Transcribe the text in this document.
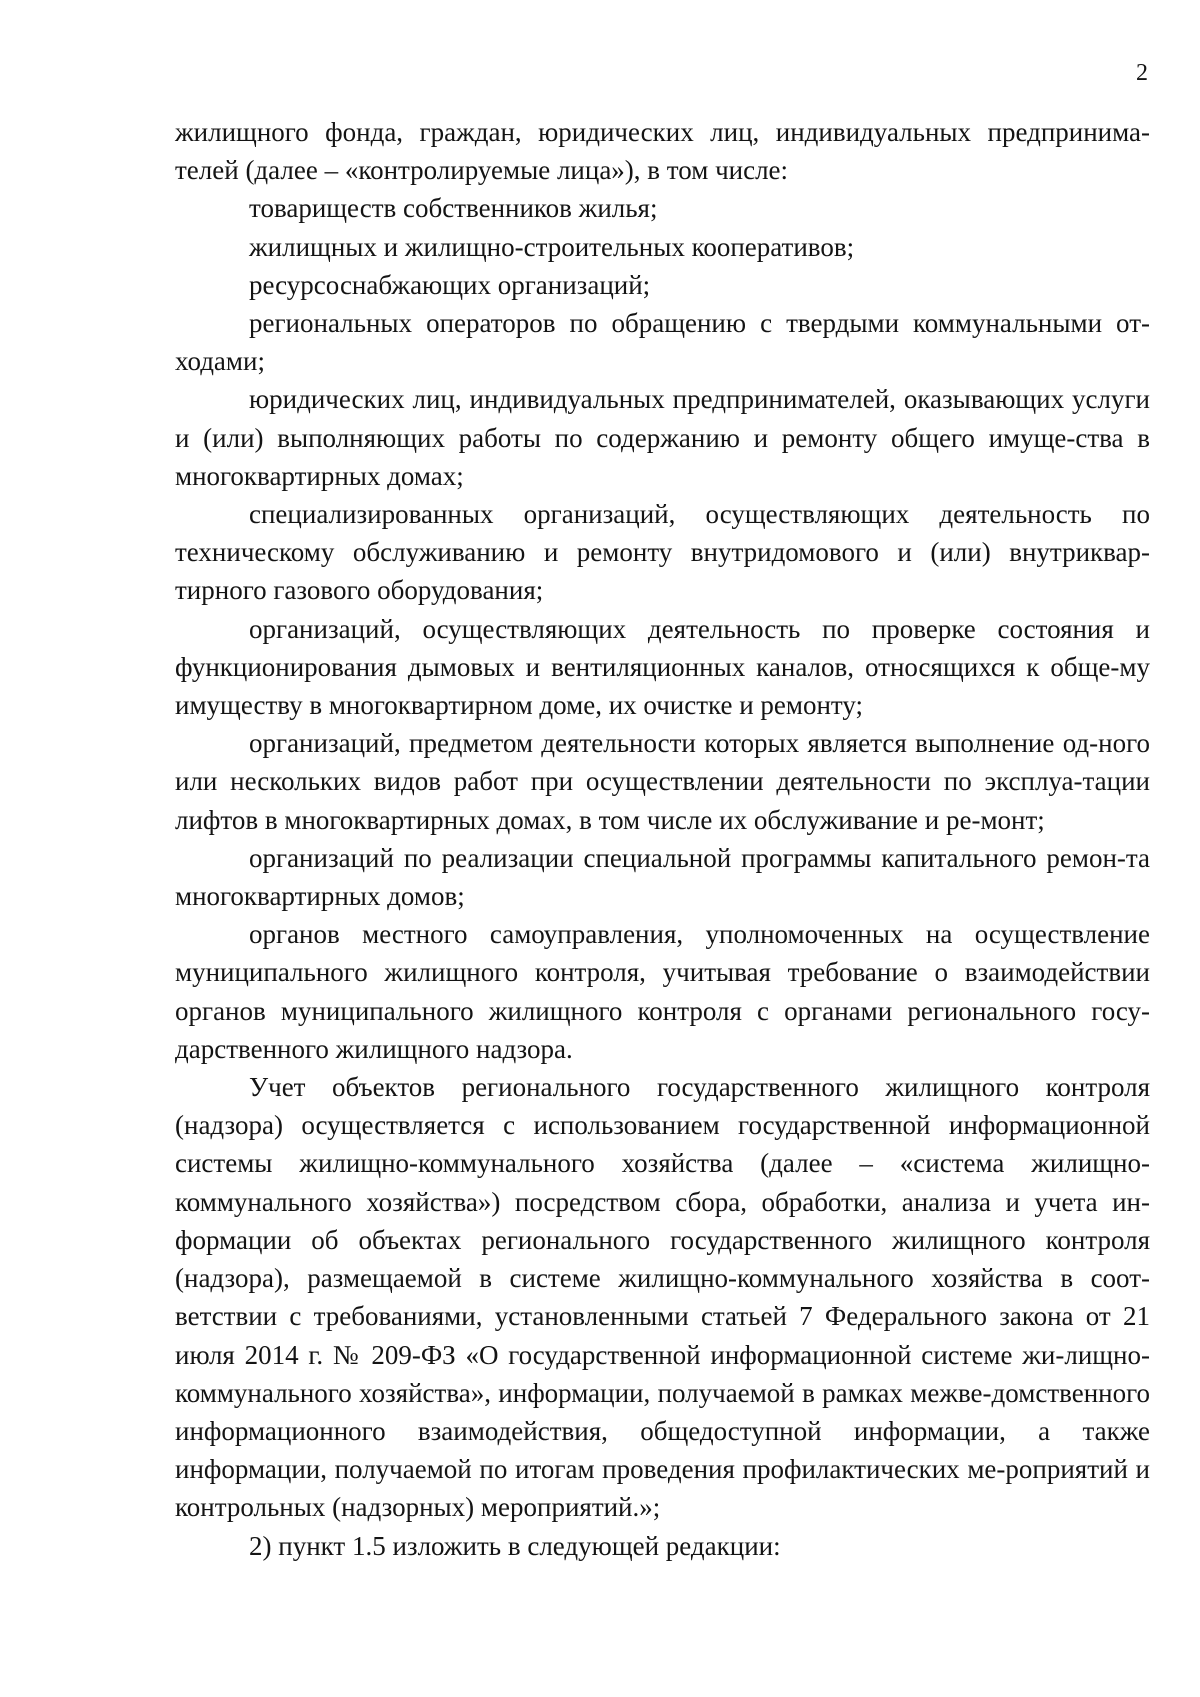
2

жилищного фонда, граждан, юридических лиц, индивидуальных предпринима-телей (далее – «контролируемые лица»), в том числе:

товариществ собственников жилья;

жилищных и жилищно-строительных кооперативов;

ресурсоснабжающих организаций;

региональных операторов по обращению с твердыми коммунальными от-ходами;

юридических лиц, индивидуальных предпринимателей, оказывающих услуги и (или) выполняющих работы по содержанию и ремонту общего имуще-ства в многоквартирных домах;

специализированных организаций, осуществляющих деятельность по техническому обслуживанию и ремонту внутридомового и (или) внутриквар-тирного газового оборудования;

организаций, осуществляющих деятельность по проверке состояния и функционирования дымовых и вентиляционных каналов, относящихся к обще-му имуществу в многоквартирном доме, их очистке и ремонту;

организаций, предметом деятельности которых является выполнение од-ного или нескольких видов работ при осуществлении деятельности по эксплуа-тации лифтов в многоквартирных домах, в том числе их обслуживание и ре-монт;

организаций по реализации специальной программы капитального ремон-та многоквартирных домов;

органов местного самоуправления, уполномоченных на осуществление муниципального жилищного контроля, учитывая требование о взаимодействии органов муниципального жилищного контроля с органами регионального госу-дарственного жилищного надзора.

Учет объектов регионального государственного жилищного контроля (надзора) осуществляется с использованием государственной информационной системы жилищно-коммунального хозяйства (далее – «система жилищно-коммунального хозяйства») посредством сбора, обработки, анализа и учета ин-формации об объектах регионального государственного жилищного контроля (надзора), размещаемой в системе жилищно-коммунального хозяйства в соот-ветствии с требованиями, установленными статьей 7 Федерального закона от 21 июля 2014 г. № 209-ФЗ «О государственной информационной системе жи-лищно-коммунального хозяйства», информации, получаемой в рамках межве-домственного информационного взаимодействия, общедоступной информации, а также информации, получаемой по итогам проведения профилактических ме-роприятий и контрольных (надзорных) мероприятий.»;

2) пункт 1.5 изложить в следующей редакции:
